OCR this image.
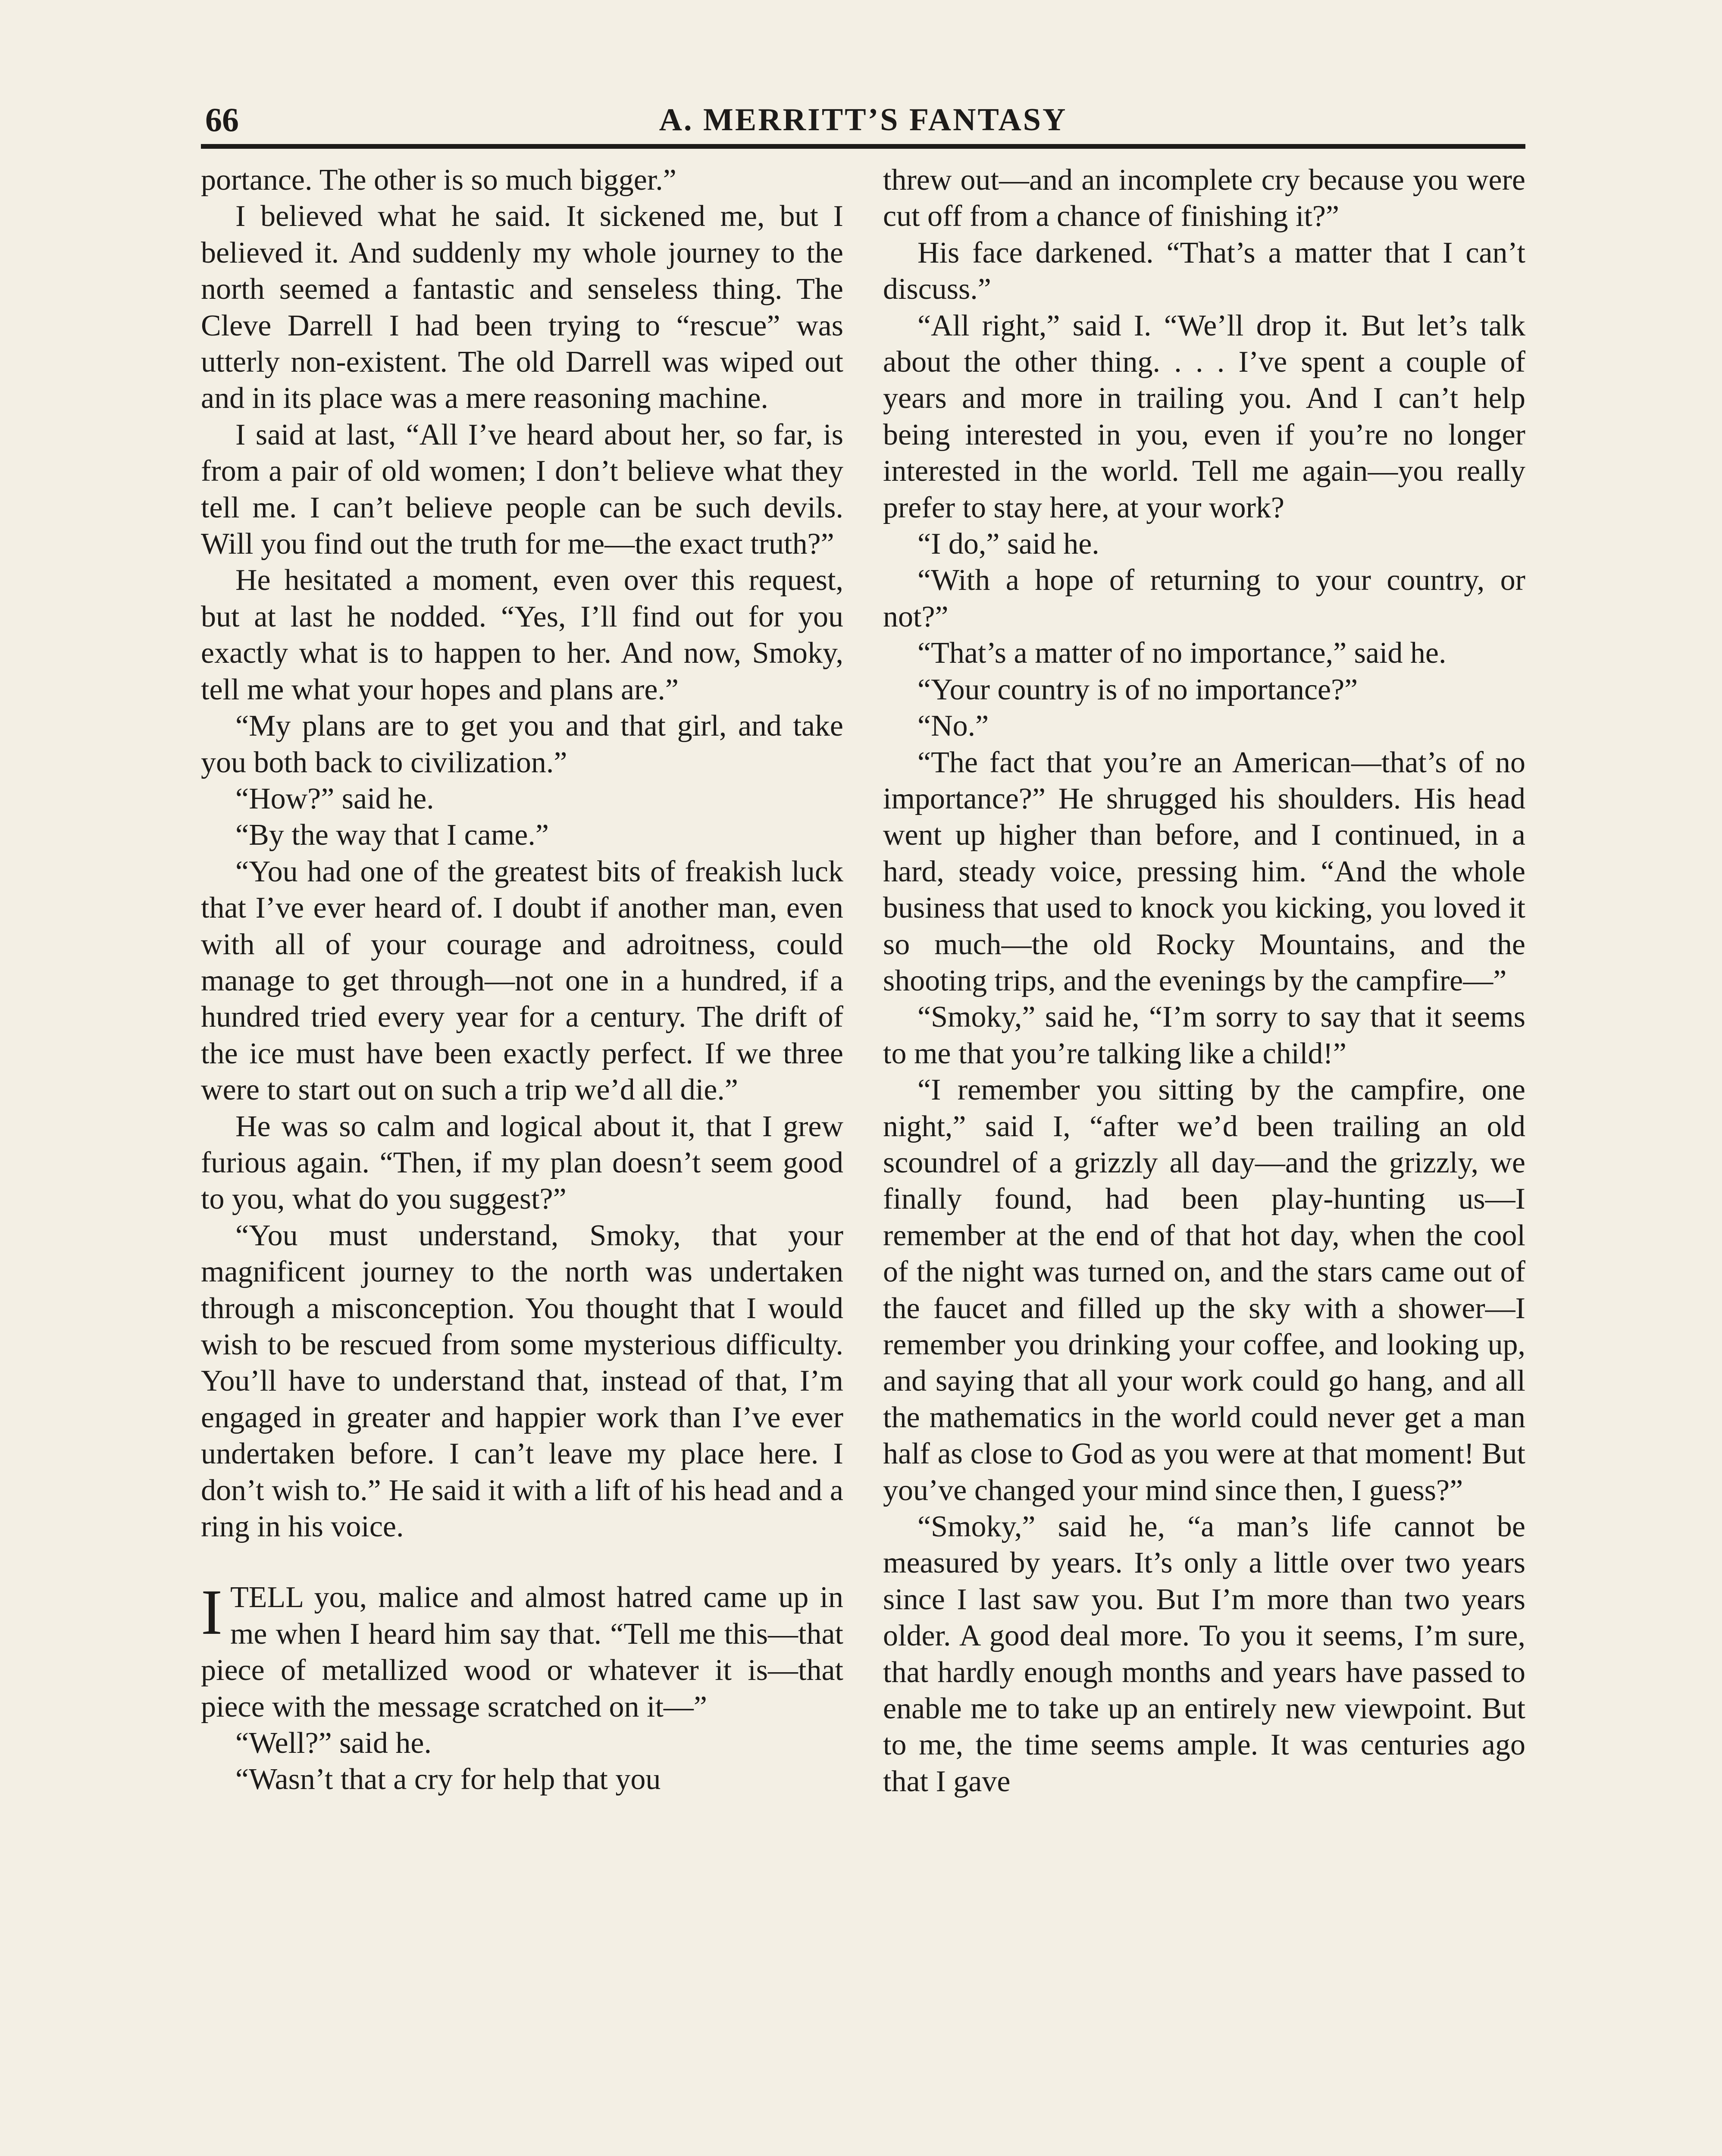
66	A. MERRITT’S FANTASY

portance. The other is so much bigger.”

I believed what he said. It sickened me, but I believed it. And suddenly my whole journey to the north seemed a fantastic and senseless thing. The Cleve Darrell I had been trying to “rescue” was utterly non-existent. The old Darrell was wiped out and in its place was a mere reasoning machine.

I said at last, “All I’ve heard about her, so far, is from a pair of old women; I don’t believe what they tell me. I can’t believe people can be such devils. Will you find out the truth for me—the exact truth?”

He hesitated a moment, even over this request, but at last he nodded. “Yes, I’ll find out for you exactly what is to happen to her. And now, Smoky, tell me what your hopes and plans are.”

“My plans are to get you and that girl, and take you both back to civilization.”

“How?” said he.

“By the way that I came.”

“You had one of the greatest bits of freakish luck that I’ve ever heard of. I doubt if another man, even with all of your courage and adroitness, could manage to get through—not one in a hundred, if a hundred tried every year for a century. The drift of the ice must have been exactly perfect. If we three were to start out on such a trip we’d all die.”

He was so calm and logical about it, that I grew furious again. “Then, if my plan doesn’t seem good to you, what do you suggest?”

“You must understand, Smoky, that your magnificent journey to the north was undertaken through a misconception. You thought that I would wish to be rescued from some mysterious difficulty. You’ll have to understand that, instead of that, I’m engaged in greater and happier work than I’ve ever undertaken before. I can’t leave my place here. I don’t wish to.” He said it with a lift of his head and a ring in his voice.

ITELL you, malice and almost hatred came up in me when I heard him say that. “Tell me this—that piece of metallized wood or whatever it is—that piece with the message scratched on it—”

“Well?” said he.

“Wasn’t that a cry for help that you

threw out—and an incomplete cry because you were cut off from a chance of finishing it?”

His face darkened. “That’s a matter that I can’t discuss.”

“All right,” said I. “We’ll drop it. But let’s talk about the other thing. . . . I’ve spent a couple of years and more in trailing you. And I can’t help being interested in you, even if you’re no longer interested in the world. Tell me again—you really prefer to stay here, at your work?

“I do,” said he.

“With a hope of returning to your country, or not?”

“That’s a matter of no importance,” said he.

“Your country is of no importance?”

“No.”

“The fact that you’re an American—that’s of no importance?” He shrugged his shoulders. His head went up higher than before, and I continued, in a hard, steady voice, pressing him. “And the whole business that used to knock you kicking, you loved it so much—the old Rocky Mountains, and the shooting trips, and the evenings by the campfire—”

“Smoky,” said he, “I’m sorry to say that it seems to me that you’re talking like a child!”

“I remember you sitting by the campfire, one night,” said I, “after we’d been trailing an old scoundrel of a grizzly all day—and the grizzly, we finally found, had been play-hunting us—I remember at the end of that hot day, when the cool of the night was turned on, and the stars came out of the faucet and filled up the sky with a shower—I remember you drinking your coffee, and looking up, and saying that all your work could go hang, and all the mathematics in the world could never get a man half as close to God as you were at that moment! But you’ve changed your mind since then, I guess?”

“Smoky,” said he, “a man’s life cannot be measured by years. It’s only a little over two years since I last saw you. But I’m more than two years older. A good deal more. To you it seems, I’m sure, that hardly enough months and years have passed to enable me to take up an entirely new viewpoint. But to me, the time seems ample. It was centuries ago that I gave
